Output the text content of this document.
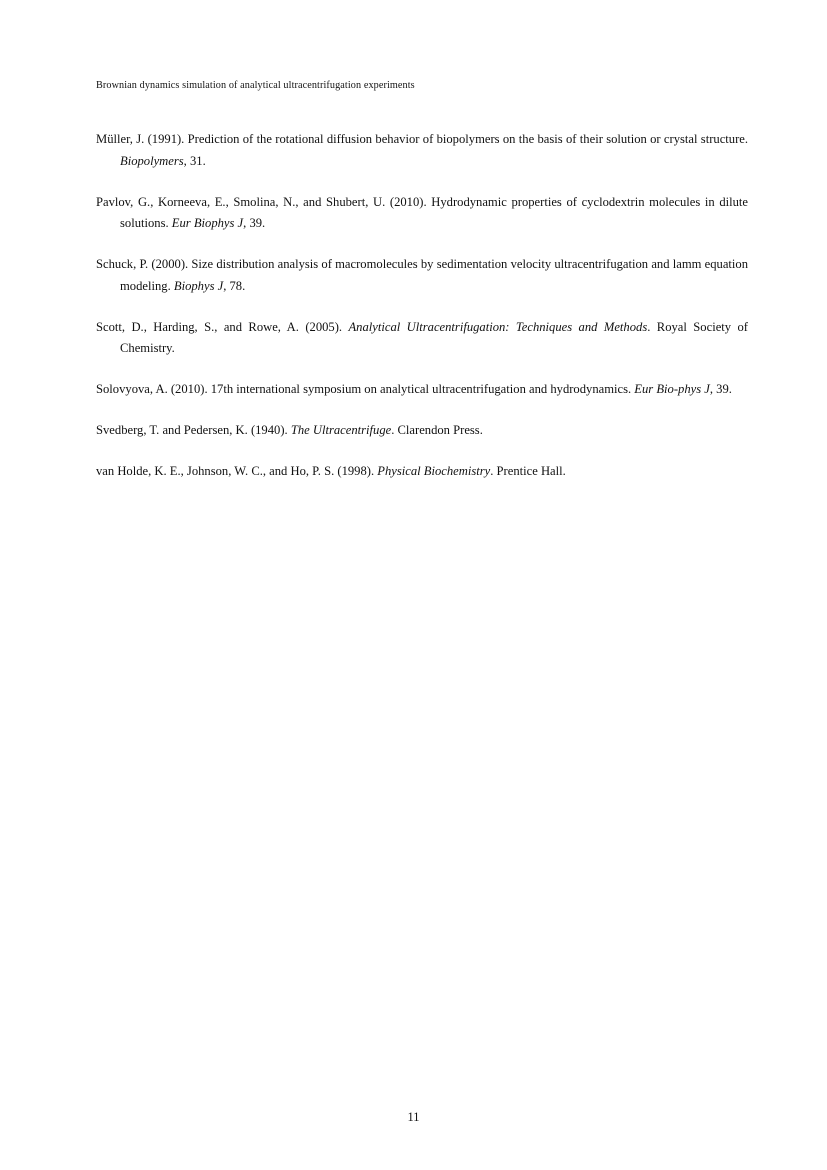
Brownian dynamics simulation of analytical ultracentrifugation experiments
Müller, J. (1991). Prediction of the rotational diffusion behavior of biopolymers on the basis of their solution or crystal structure. Biopolymers, 31.
Pavlov, G., Korneeva, E., Smolina, N., and Shubert, U. (2010). Hydrodynamic properties of cyclodextrin molecules in dilute solutions. Eur Biophys J, 39.
Schuck, P. (2000). Size distribution analysis of macromolecules by sedimentation velocity ultracentrifugation and lamm equation modeling. Biophys J, 78.
Scott, D., Harding, S., and Rowe, A. (2005). Analytical Ultracentrifugation: Techniques and Methods. Royal Society of Chemistry.
Solovyova, A. (2010). 17th international symposium on analytical ultracentrifugation and hydrodynamics. Eur Bio-phys J, 39.
Svedberg, T. and Pedersen, K. (1940). The Ultracentrifuge. Clarendon Press.
van Holde, K. E., Johnson, W. C., and Ho, P. S. (1998). Physical Biochemistry. Prentice Hall.
11
